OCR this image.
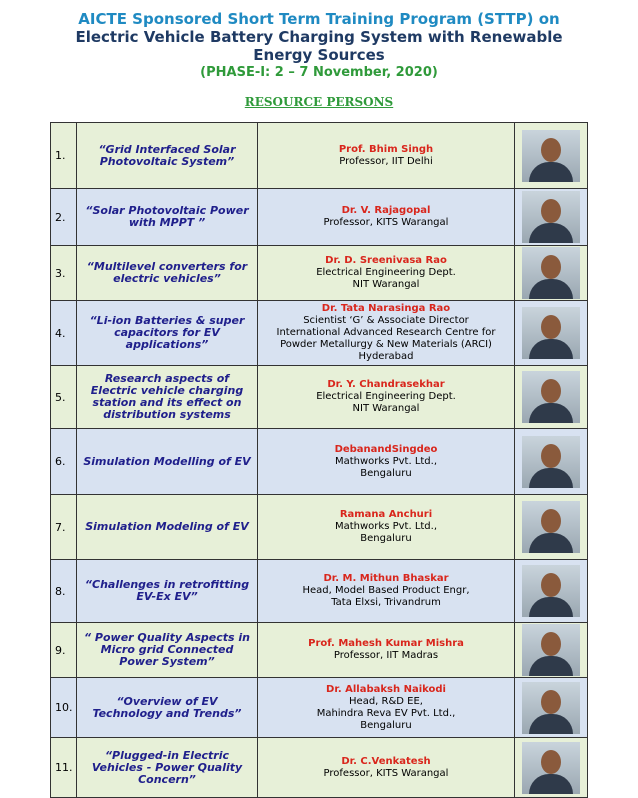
AICTE Sponsored Short Term Training Program (STTP) on
Electric Vehicle Battery Charging System with Renewable
Energy Sources
(PHASE-I: 2 – 7 November, 2020)
RESOURCE PERSONS
1.	“Grid Interfaced Solar Photovoltaic System”	Prof. Bhim Singh
Professor, IIT Delhi	

2.	“Solar Photovoltaic Power with MPPT ”	Dr. V. Rajagopal
Professor, KITS Warangal	

3.	“Multilevel converters for electric vehicles”	Dr. D. Sreenivasa Rao
Electrical Engineering Dept.
NIT Warangal	

4.	“Li-ion Batteries & super capacitors for EV applications”	Dr. Tata Narasinga Rao
Scientist ‘G’ & Associate Director
International Advanced Research Centre for
Powder Metallurgy & New Materials (ARCI)
Hyderabad	

5.	Research aspects of Electric vehicle charging station and its effect on distribution systems	Dr. Y. Chandrasekhar
Electrical Engineering Dept.
NIT Warangal	

6.	Simulation Modelling of EV	DebanandSingdeo
Mathworks Pvt. Ltd.,
Bengaluru	

7.	Simulation Modeling of EV	Ramana Anchuri
Mathworks Pvt. Ltd.,
Bengaluru	

8.	“Challenges in retrofitting EV-Ex EV”	Dr. M. Mithun Bhaskar
Head, Model Based Product Engr,
Tata Elxsi, Trivandrum	

9.	“ Power Quality Aspects in Micro grid Connected Power System”	Prof. Mahesh Kumar Mishra
Professor, IIT Madras	

10.	“Overview of EV Technology and Trends”	Dr. Allabaksh Naikodi
Head, R&D EE,
Mahindra Reva EV Pvt. Ltd.,
Bengaluru	

11.	“Plugged-in Electric Vehicles - Power Quality Concern”	Dr. C.Venkatesh
Professor, KITS Warangal	
